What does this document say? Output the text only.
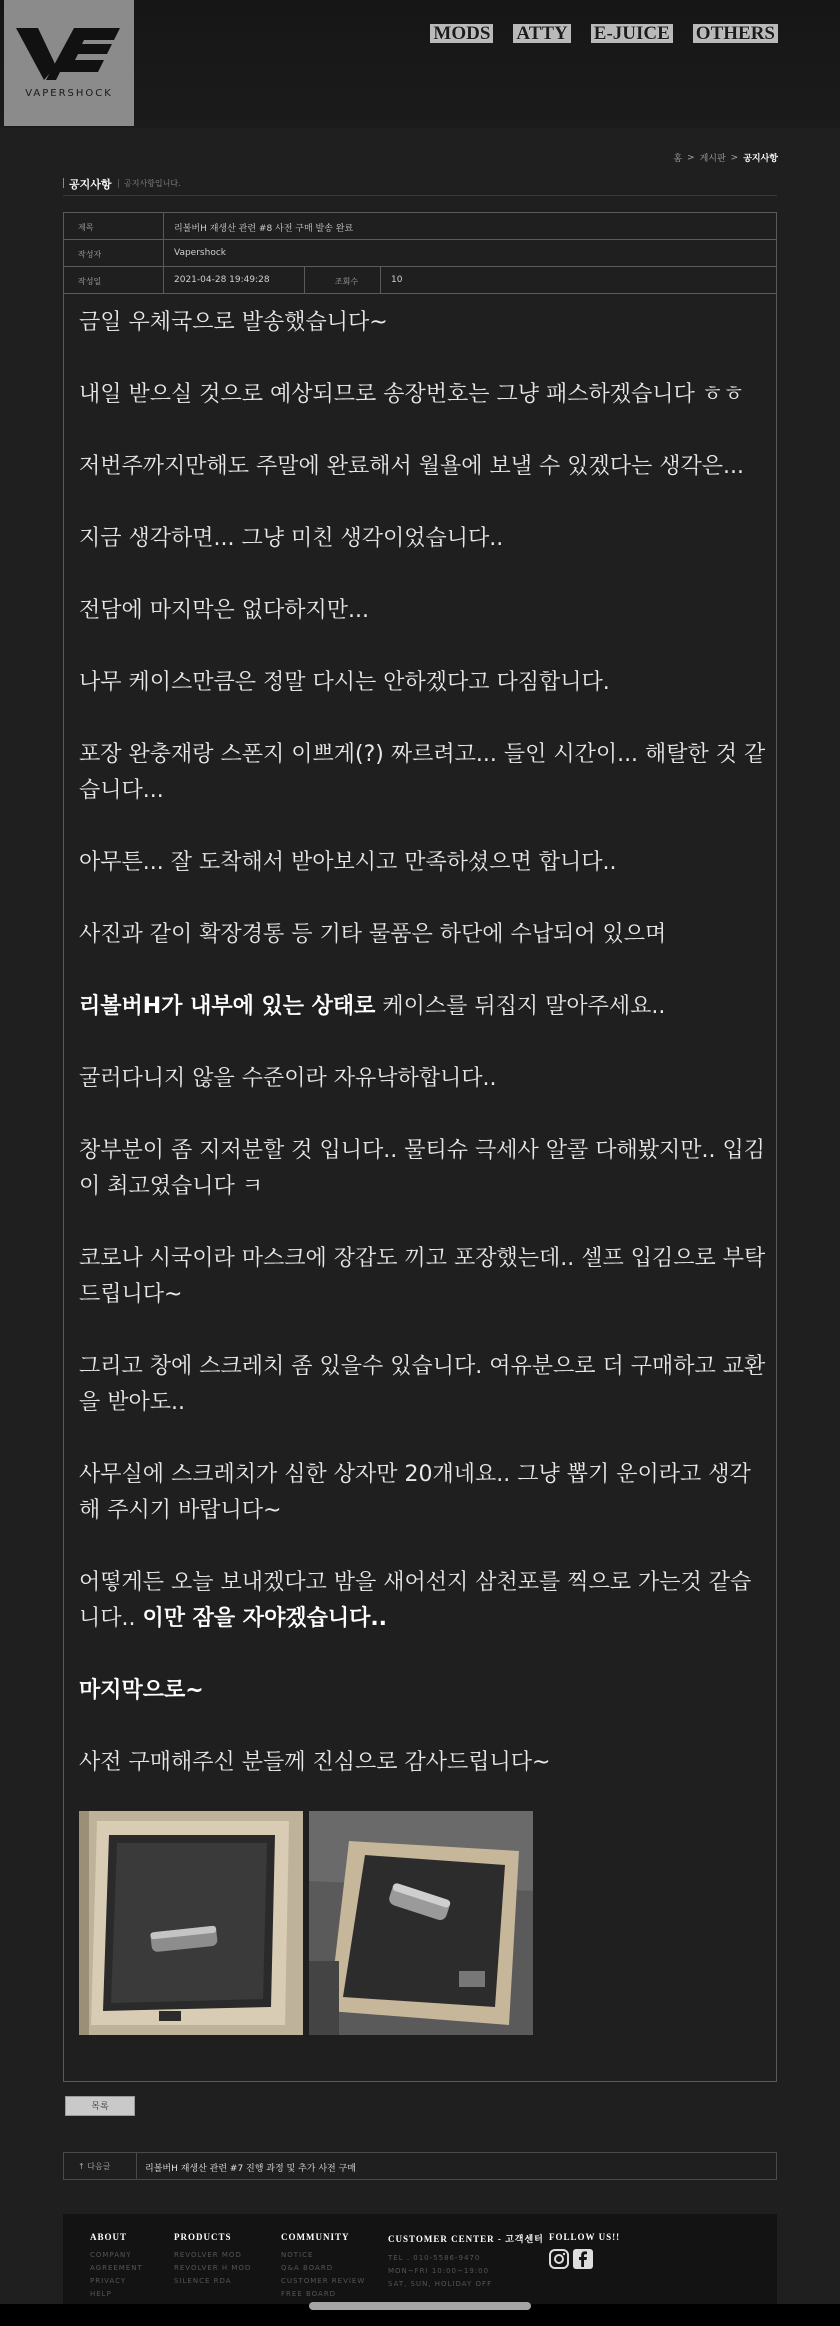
VAPERSHOCK
MODS ATTY E-JUICE OTHERS
홈 > 게시판 > 공지사항
공지사항 공지사항입니다.
제목	리볼버H 재생산 관련 #8 사전 구매 발송 완료
작성자	Vapershock
작성일	2021-04-28 19:49:28	조회수	10

금일 우체국으로 발송했습니다~

내일 받으실 것으로 예상되므로 송장번호는 그냥 패스하겠습니다 ㅎㅎ

저번주까지만해도 주말에 완료해서 월욜에 보낼 수 있겠다는 생각은...

지금 생각하면... 그냥 미친 생각이었습니다..

전담에 마지막은 없다하지만...

나무 케이스만큼은 정말 다시는 안하겠다고 다짐합니다.

포장 완충재랑 스폰지 이쁘게(?) 짜르려고... 들인 시간이... 해탈한 것 같습니다...

아무튼... 잘 도착해서 받아보시고 만족하셨으면 합니다..

사진과 같이 확장경통 등 기타 물품은 하단에 수납되어 있으며

리볼버H가 내부에 있는 상태로 케이스를 뒤집지 말아주세요..

굴러다니지 않을 수준이라 자유낙하합니다..

창부분이 좀 지저분할 것 입니다.. 물티슈 극세사 알콜 다해봤지만.. 입김이 최고였습니다 ㅋ

코로나 시국이라 마스크에 장갑도 끼고 포장했는데.. 셀프 입김으로 부탁드립니다~

그리고 창에 스크레치 좀 있을수 있습니다. 여유분으로 더 구매하고 교환을 받아도..

사무실에 스크레치가 심한 상자만 20개네요.. 그냥 뽑기 운이라고 생각해 주시기 바랍니다~

어떻게든 오늘 보내겠다고 밤을 새어선지 삼천포를 찍으로 가는것 같습니다.. 이만 잠을 자야겠습니다..

마지막으로~

사전 구매해주신 분들께 진심으로 감사드립니다~

목록
↑ 다음글	리볼버H 재생산 관련 #7 진행 과정 및 추가 사전 구매
ABOUT
COMPANY
AGREEMENT
PRIVACY
HELP
PRODUCTS
REVOLVER MOD
REVOLVER H MOD
SILENCE RDA
COMMUNITY
NOTICE
Q&A BOARD
CUSTOMER REVIEW
FREE BOARD
CUSTOMER CENTER - 고객센터
TEL . 010-5586-9470
MON~FRI 10:00~19:00
SAT, SUN, HOLIDAY OFF
FOLLOW US!!
